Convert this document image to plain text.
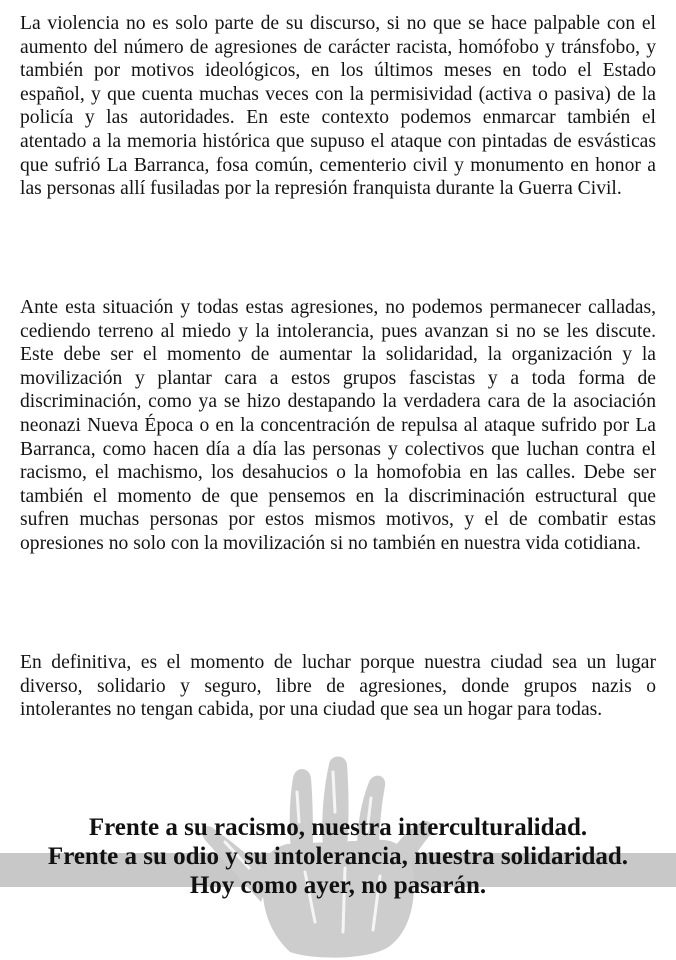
La violencia no es solo parte de su discurso, si no que se hace palpable con el aumento del número de agresiones de carácter racista, homófobo y tránsfobo, y también por motivos ideológicos, en los últimos meses en todo el Estado español, y que cuenta muchas veces con la permisividad (activa o pasiva) de la policía y las autoridades. En este contexto podemos enmarcar también el atentado a la memoria histórica que supuso el ataque con pintadas de esvásticas que sufrió La Barranca, fosa común, cementerio civil y monumento en honor a las personas allí fusiladas por la represión franquista durante la Guerra Civil.

Ante esta situación y todas estas agresiones, no podemos permanecer calladas, cediendo terreno al miedo y la intolerancia, pues avanzan si no se les discute. Este debe ser el momento de aumentar la solidaridad, la organización y la movilización y plantar cara a estos grupos fascistas y a toda forma de discriminación, como ya se hizo destapando la verdadera cara de la asociación neonazi Nueva Época o en la concentración de repulsa al ataque sufrido por La Barranca, como hacen día a día las personas y colectivos que luchan contra el racismo, el machismo, los desahucios o la homofobia en las calles. Debe ser también el momento de que pensemos en la discriminación estructural que sufren muchas personas por estos mismos motivos, y el de combatir estas opresiones no solo con la movilización si no también en nuestra vida cotidiana.

En definitiva, es el momento de luchar porque nuestra ciudad sea un lugar diverso, solidario y seguro, libre de agresiones, donde grupos nazis o intolerantes no tengan cabida, por una ciudad que sea un hogar para todas.

Frente a su racismo, nuestra interculturalidad.
Frente a su odio y su intolerancia, nuestra solidaridad.
Hoy como ayer, no pasarán.
